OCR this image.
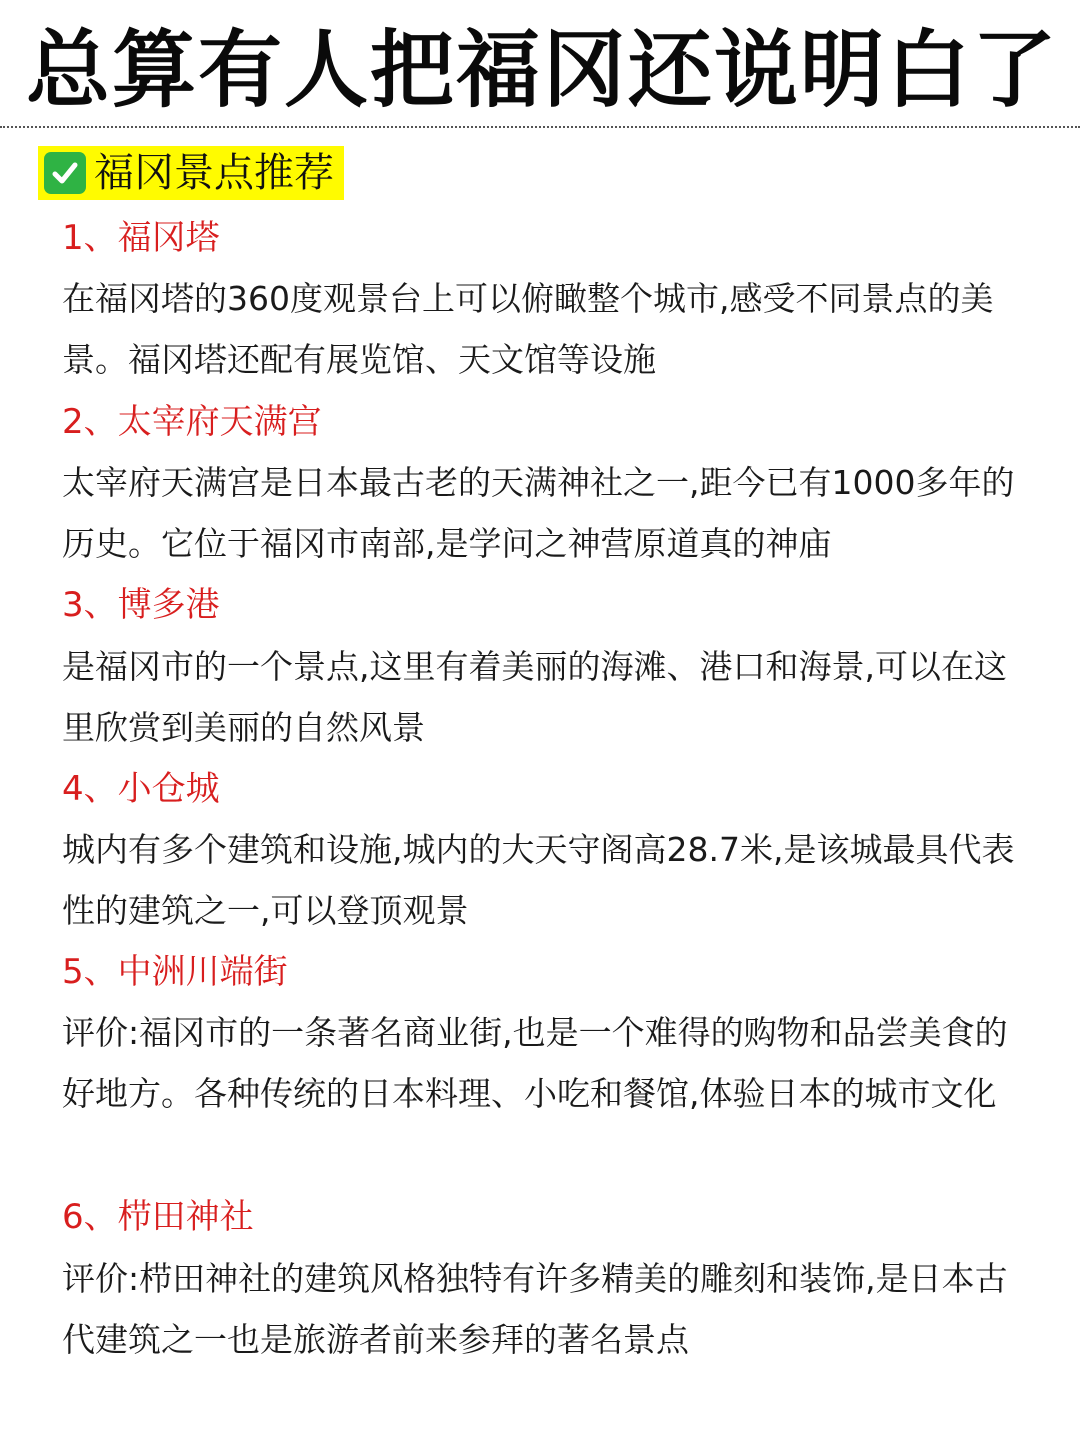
总算有人把福冈还说明白了
福冈景点推荐
1、福冈塔
在福冈塔的360度观景台上可以俯瞰整个城市,感受不同景点的美景。福冈塔还配有展览馆、天文馆等设施
2、太宰府天满宫
太宰府天满宫是日本最古老的天满神社之一,距今已有1000多年的历史。它位于福冈市南部,是学问之神营原道真的神庙
3、博多港
是福冈市的一个景点,这里有着美丽的海滩、港口和海景,可以在这里欣赏到美丽的自然风景
4、小仓城
城内有多个建筑和设施,城内的大天守阁高28.7米,是该城最具代表性的建筑之一,可以登顶观景
5、中洲川端街
评价:福冈市的一条著名商业街,也是一个难得的购物和品尝美食的好地方。各种传统的日本料理、小吃和餐馆,体验日本的城市文化
6、栉田神社
评价:栉田神社的建筑风格独特有许多精美的雕刻和装饰,是日本古代建筑之一也是旅游者前来参拜的著名景点
